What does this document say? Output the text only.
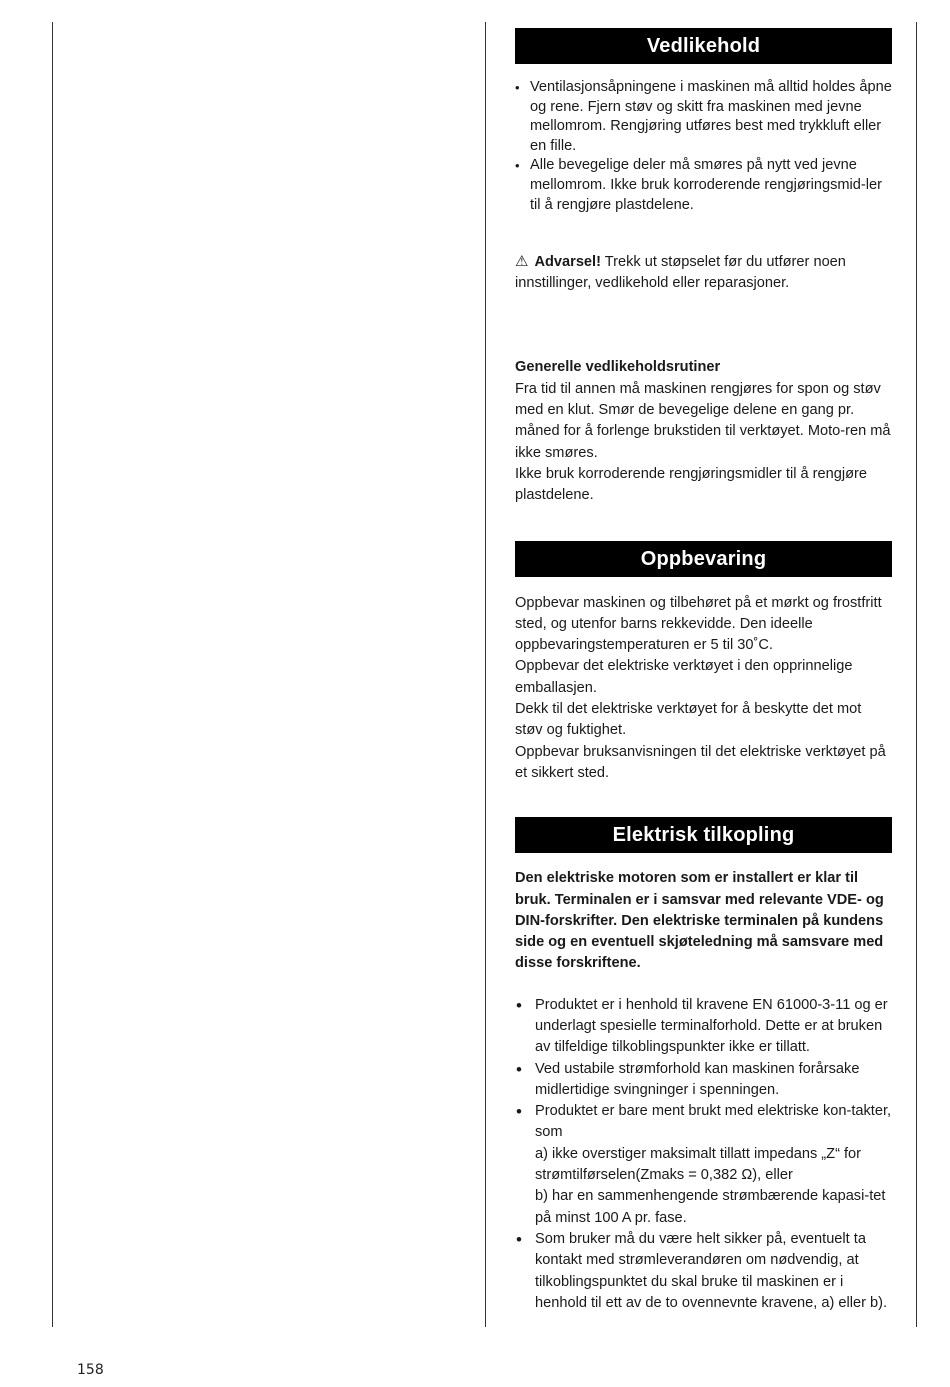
Vedlikehold
• Ventilasjonsåpningene i maskinen må alltid holdes åpne og rene. Fjern støv og skitt fra maskinen med jevne mellomrom. Rengjøring utføres best med trykkluft eller en fille.
• Alle bevegelige deler må smøres på nytt ved jevne mellomrom. Ikke bruk korroderende rengjøringsmid-ler til å rengjøre plastdelene.

⚠ Advarsel! Trekk ut støpselet før du utfører noen innstillinger, vedlikehold eller reparasjoner.

Generelle vedlikeholdsrutiner

Fra tid til annen må maskinen rengjøres for spon og støv med en klut. Smør de bevegelige delene en gang pr. måned for å forlenge brukstiden til verktøyet. Moto-ren må ikke smøres.

Ikke bruk korroderende rengjøringsmidler til å rengjøre plastdelene.

Oppbevaring

Oppbevar maskinen og tilbehøret på et mørkt og frostfritt sted, og utenfor barns rekkevidde. Den ideelle oppbevaringstemperaturen er 5 til 30˚C.

Oppbevar det elektriske verktøyet i den opprinnelige emballasjen.

Dekk til det elektriske verktøyet for å beskytte det mot støv og fuktighet.

Oppbevar bruksanvisningen til det elektriske verktøyet på et sikkert sted.

Elektrisk tilkopling

Den elektriske motoren som er installert er klar til bruk. Terminalen er i samsvar med relevante VDE- og DIN-forskrifter. Den elektriske terminalen på kundens side og en eventuell skjøteledning må samsvare med disse forskriftene.

• Produktet er i henhold til kravene EN 61000-3-11 og er underlagt spesielle terminalforhold. Dette er at bruken av tilfeldige tilkoblingspunkter ikke er tillatt.
• Ved ustabile strømforhold kan maskinen forårsake midlertidige svingninger i spenningen.
• Produktet er bare ment brukt med elektriske kon-takter, som
a) ikke overstiger maksimalt tillatt impedans „Z“ for strømtilførselen(Zmaks = 0,382 Ω), eller
b) har en sammenhengende strømbærende kapasi-tet på minst 100 A pr. fase.
• Som bruker må du være helt sikker på, eventuelt ta kontakt med strømleverandøren om nødvendig, at tilkoblingspunktet du skal bruke til maskinen er i henhold til ett av de to ovennevnte kravene, a) eller b).
158
